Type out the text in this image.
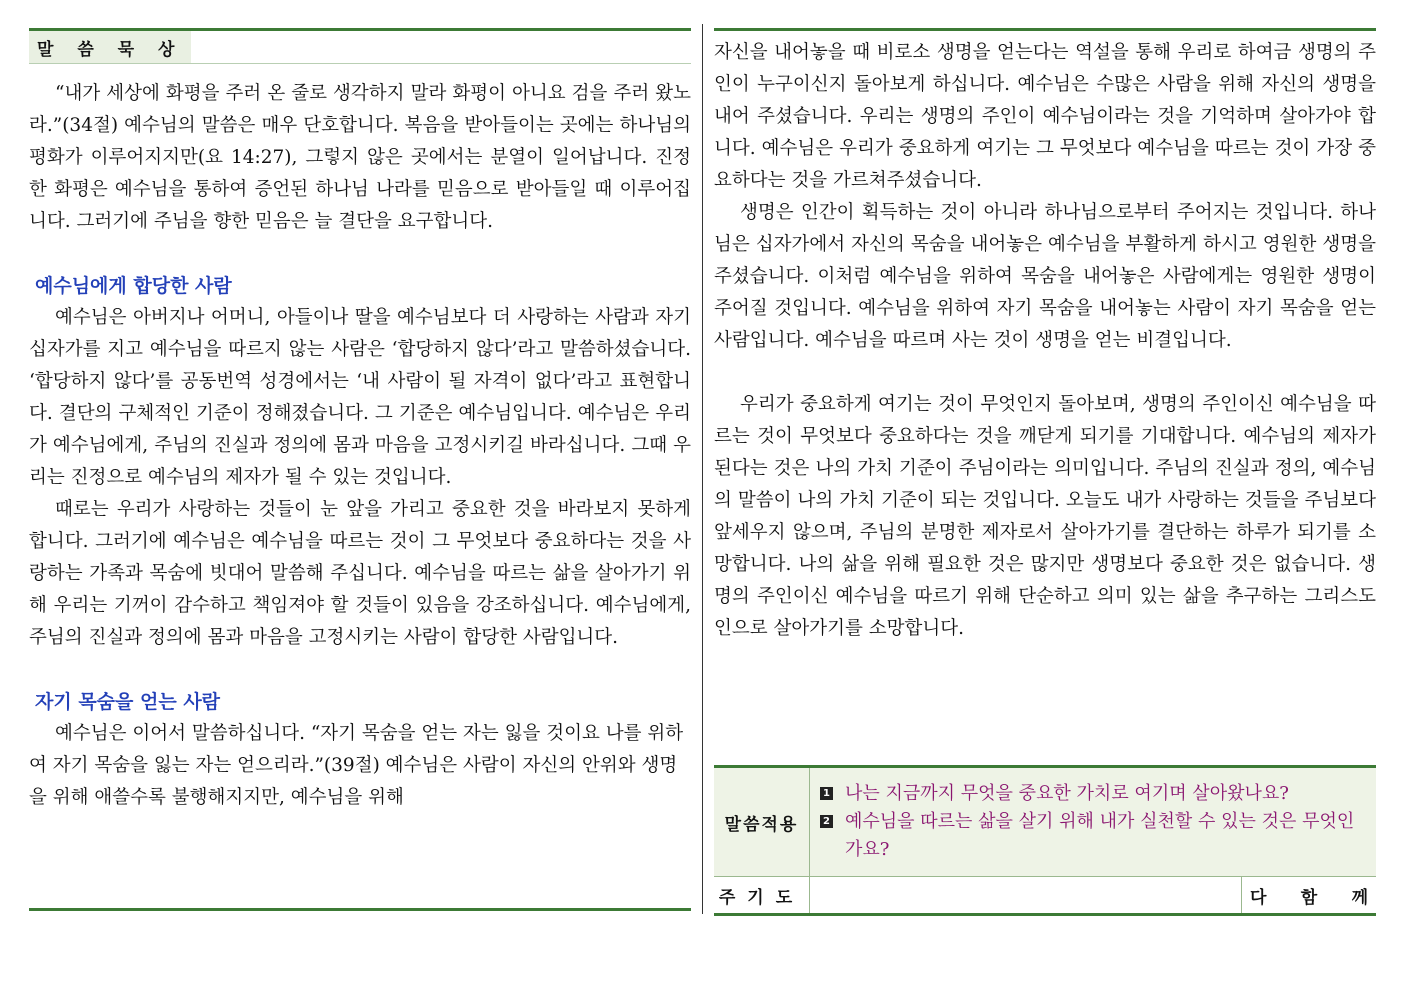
말 씀 묵 상

“내가 세상에 화평을 주러 온 줄로 생각하지 말라 화평이 아니요 검을 주러 왔노라.”(34절) 예수님의 말씀은 매우 단호합니다. 복음을 받아들이는 곳에는 하나님의 평화가 이루어지지만(요 14:27), 그렇지 않은 곳에서는 분열이 일어납니다. 진정한 화평은 예수님을 통하여 증언된 하나님 나라를 믿음으로 받아들일 때 이루어집니다. 그러기에 주님을 향한 믿음은 늘 결단을 요구합니다.

예수님에게 합당한 사람

예수님은 아버지나 어머니, 아들이나 딸을 예수님보다 더 사랑하는 사람과 자기 십자가를 지고 예수님을 따르지 않는 사람은 ‘합당하지 않다’라고 말씀하셨습니다. ‘합당하지 않다’를 공동번역 성경에서는 ‘내 사람이 될 자격이 없다’라고 표현합니다. 결단의 구체적인 기준이 정해졌습니다. 그 기준은 예수님입니다. 예수님은 우리가 예수님에게, 주님의 진실과 정의에 몸과 마음을 고정시키길 바라십니다. 그때 우리는 진정으로 예수님의 제자가 될 수 있는 것입니다.

때로는 우리가 사랑하는 것들이 눈 앞을 가리고 중요한 것을 바라보지 못하게 합니다. 그러기에 예수님은 예수님을 따르는 것이 그 무엇보다 중요하다는 것을 사랑하는 가족과 목숨에 빗대어 말씀해 주십니다. 예수님을 따르는 삶을 살아가기 위해 우리는 기꺼이 감수하고 책임져야 할 것들이 있음을 강조하십니다. 예수님에게, 주님의 진실과 정의에 몸과 마음을 고정시키는 사람이 합당한 사람입니다.

자기 목숨을 얻는 사람

예수님은 이어서 말씀하십니다. “자기 목숨을 얻는 자는 잃을 것이요 나를 위하여 자기 목숨을 잃는 자는 얻으리라.”(39절) 예수님은 사람이 자신의 안위와 생명을 위해 애쓸수록 불행해지지만, 예수님을 위해

자신을 내어놓을 때 비로소 생명을 얻는다는 역설을 통해 우리로 하여금 생명의 주인이 누구이신지 돌아보게 하십니다. 예수님은 수많은 사람을 위해 자신의 생명을 내어 주셨습니다. 우리는 생명의 주인이 예수님이라는 것을 기억하며 살아가야 합니다. 예수님은 우리가 중요하게 여기는 그 무엇보다 예수님을 따르는 것이 가장 중요하다는 것을 가르쳐주셨습니다.

생명은 인간이 획득하는 것이 아니라 하나님으로부터 주어지는 것입니다. 하나님은 십자가에서 자신의 목숨을 내어놓은 예수님을 부활하게 하시고 영원한 생명을 주셨습니다. 이처럼 예수님을 위하여 목숨을 내어놓은 사람에게는 영원한 생명이 주어질 것입니다. 예수님을 위하여 자기 목숨을 내어놓는 사람이 자기 목숨을 얻는 사람입니다. 예수님을 따르며 사는 것이 생명을 얻는 비결입니다.

우리가 중요하게 여기는 것이 무엇인지 돌아보며, 생명의 주인이신 예수님을 따르는 것이 무엇보다 중요하다는 것을 깨닫게 되기를 기대합니다. 예수님의 제자가 된다는 것은 나의 가치 기준이 주님이라는 의미입니다. 주님의 진실과 정의, 예수님의 말씀이 나의 가치 기준이 되는 것입니다. 오늘도 내가 사랑하는 것들을 주님보다 앞세우지 않으며, 주님의 분명한 제자로서 살아가기를 결단하는 하루가 되기를 소망합니다. 나의 삶을 위해 필요한 것은 많지만 생명보다 중요한 것은 없습니다. 생명의 주인이신 예수님을 따르기 위해 단순하고 의미 있는 삶을 추구하는 그리스도인으로 살아가기를 소망합니다.

말씀적용
1 나는 지금까지 무엇을 중요한 가치로 여기며 살아왔나요?
2 예수님을 따르는 삶을 살기 위해 내가 실천할 수 있는 것은 무엇인가요?
주기도	다 함 께
